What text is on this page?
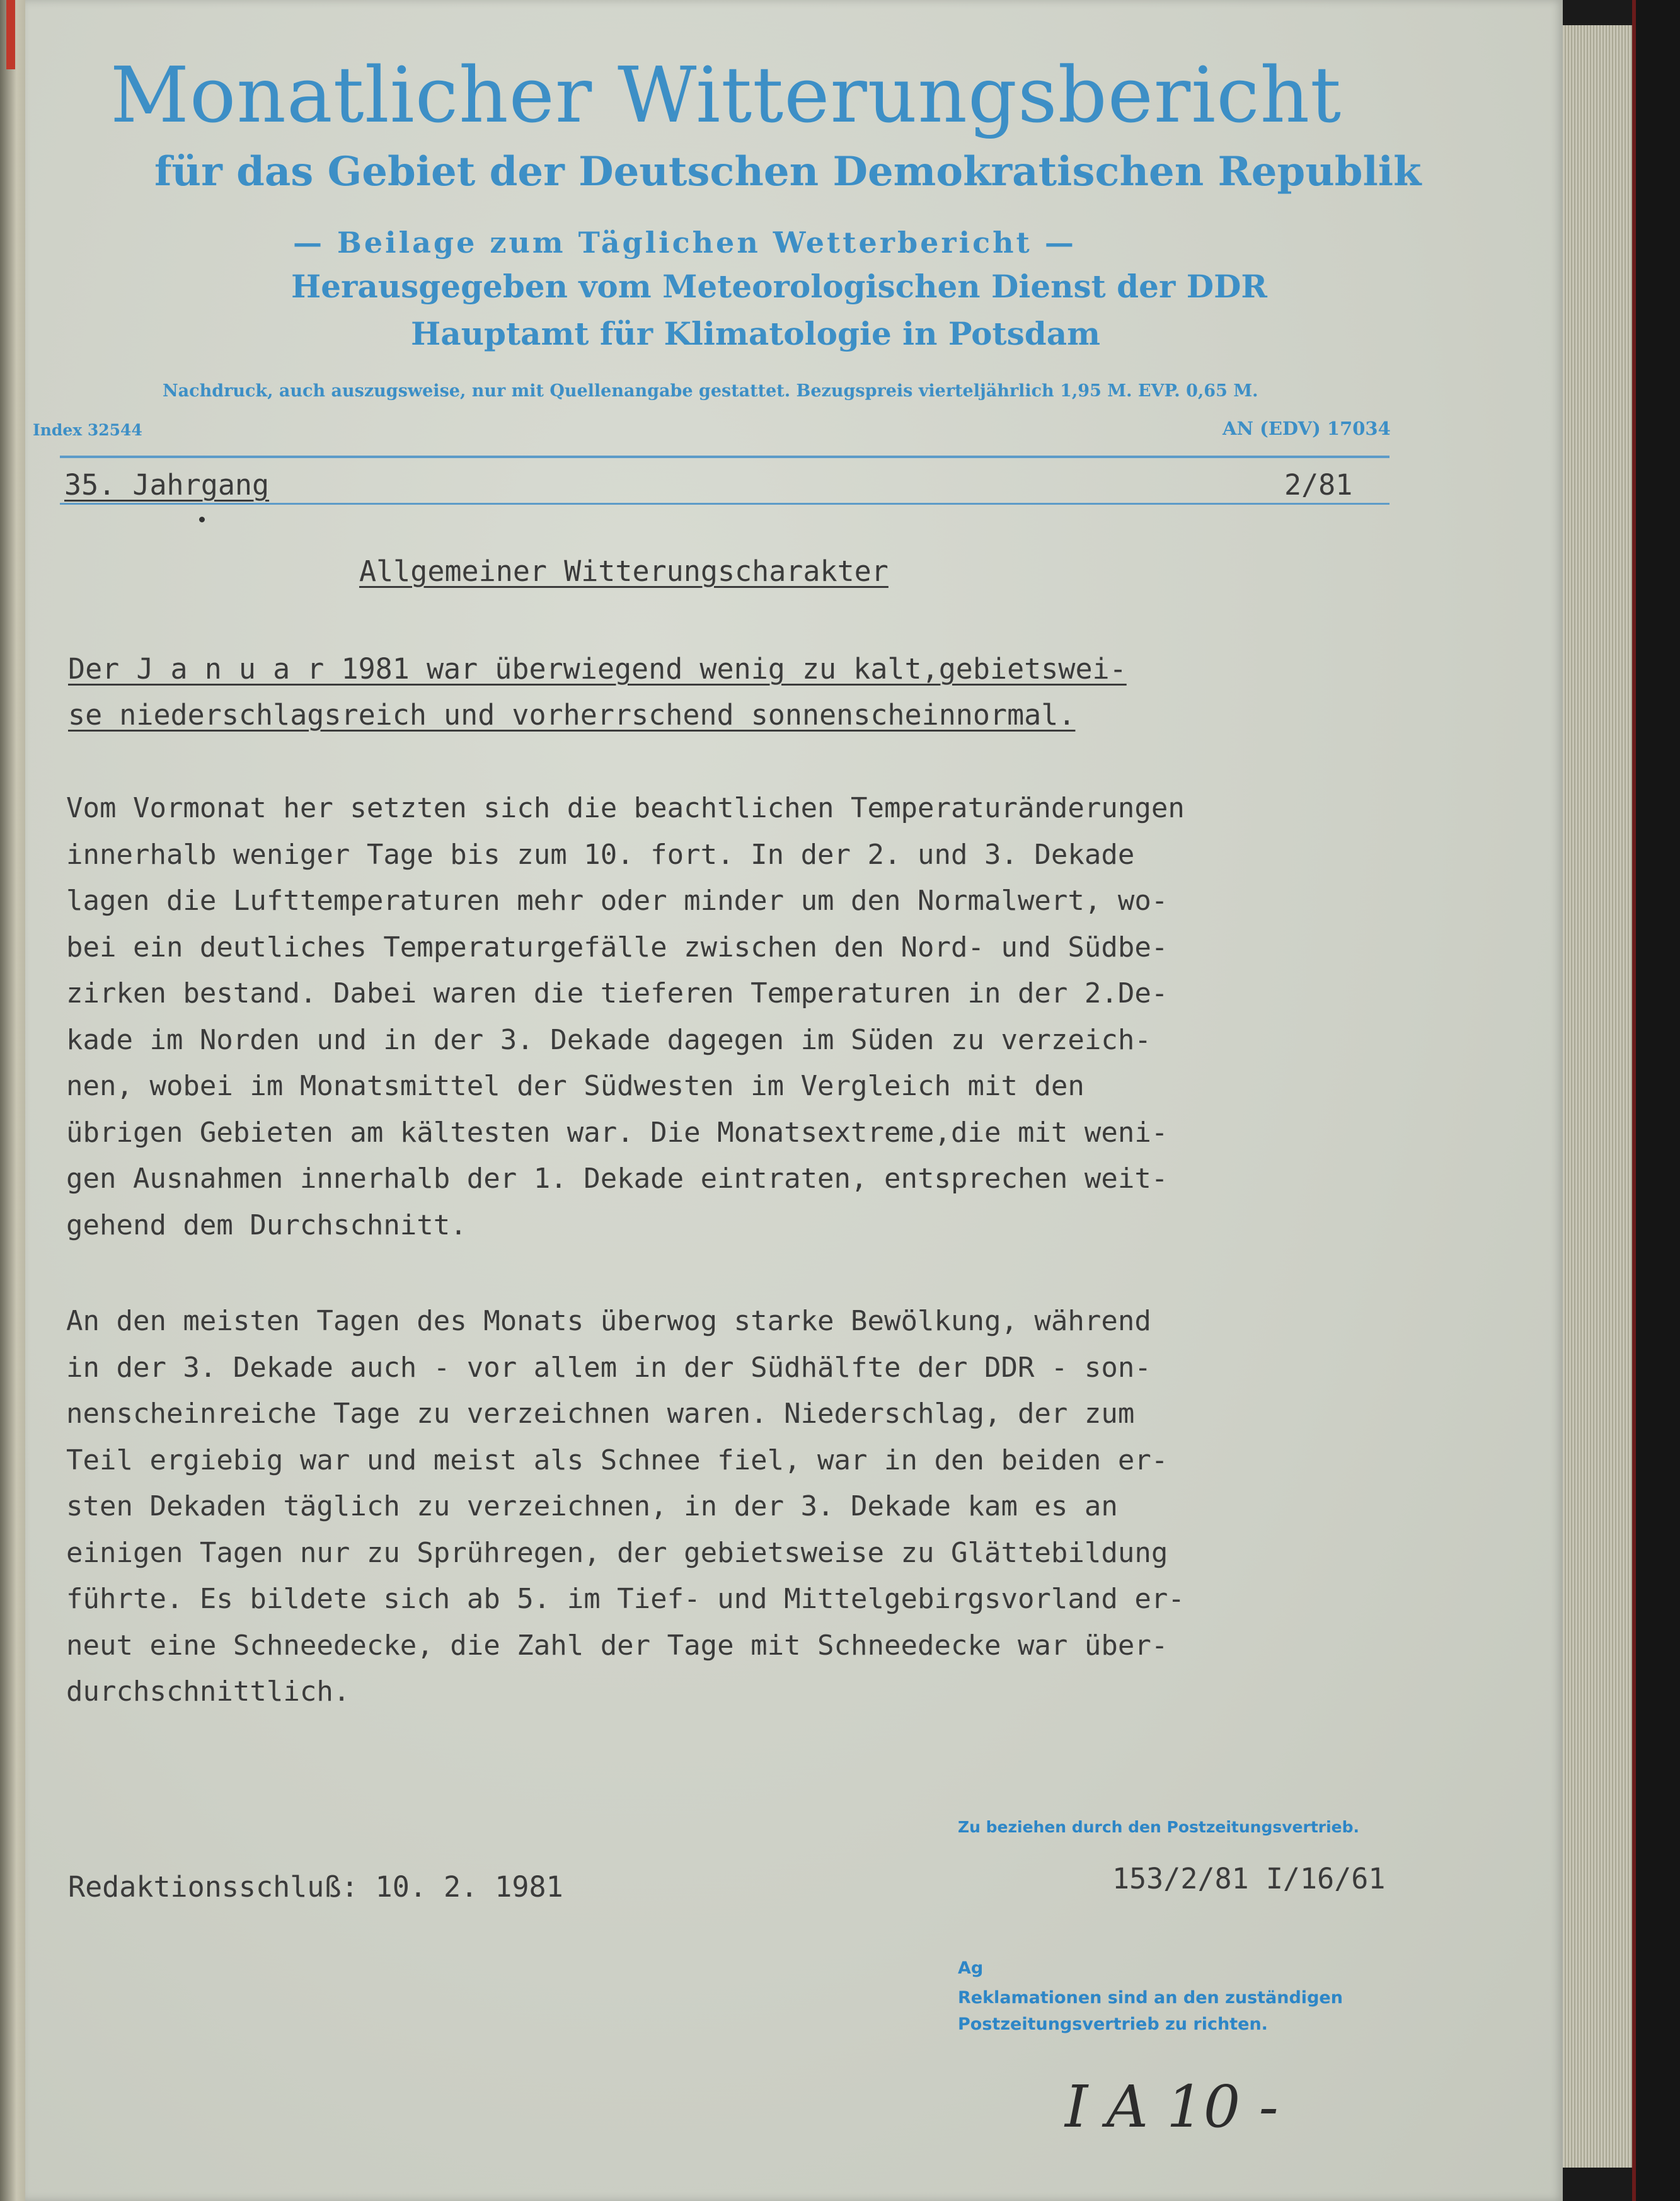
Monatlicher Witterungsbericht
für das Gebiet der Deutschen Demokratischen Republik
— Beilage zum Täglichen Wetterbericht —
Herausgegeben vom Meteorologischen Dienst der DDR
Hauptamt für Klimatologie in Potsdam
Nachdruck, auch auszugsweise, nur mit Quellenangabe gestattet. Bezugspreis vierteljährlich 1,95 M. EVP. 0,65 M.
Index 32544	AN (EDV) 17034
35. Jahrgang	2/81
Allgemeiner Witterungscharakter
Der J a n u a r 1981 war überwiegend wenig zu kalt,gebietswei-
se niederschlagsreich und vorherrschend sonnenscheinnormal.
Vom Vormonat her setzten sich die beachtlichen Temperaturänderungen
innerhalb weniger Tage bis zum 10. fort. In der 2. und 3. Dekade
lagen die Lufttemperaturen mehr oder minder um den Normalwert, wo-
bei ein deutliches Temperaturgefälle zwischen den Nord- und Südbe-
zirken bestand. Dabei waren die tieferen Temperaturen in der 2.De-
kade im Norden und in der 3. Dekade dagegen im Süden zu verzeich-
nen, wobei im Monatsmittel der Südwesten im Vergleich mit den
übrigen Gebieten am kältesten war. Die Monatsextreme,die mit weni-
gen Ausnahmen innerhalb der 1. Dekade eintraten, entsprechen weit-
gehend dem Durchschnitt.
An den meisten Tagen des Monats überwog starke Bewölkung, während
in der 3. Dekade auch - vor allem in der Südhälfte der DDR - son-
nenscheinreiche Tage zu verzeichnen waren. Niederschlag, der zum
Teil ergiebig war und meist als Schnee fiel, war in den beiden er-
sten Dekaden täglich zu verzeichnen, in der 3. Dekade kam es an
einigen Tagen nur zu Sprühregen, der gebietsweise zu Glättebildung
führte. Es bildete sich ab 5. im Tief- und Mittelgebirgsvorland er-
neut eine Schneedecke, die Zahl der Tage mit Schneedecke war über-
durchschnittlich.
Zu beziehen durch den Postzeitungsvertrieb.
Redaktionsschluß: 10. 2. 1981	153/2/81 I/16/61
Ag
Reklamationen sind an den zuständigen
Postzeitungsvertrieb zu richten.
I A 10 -
